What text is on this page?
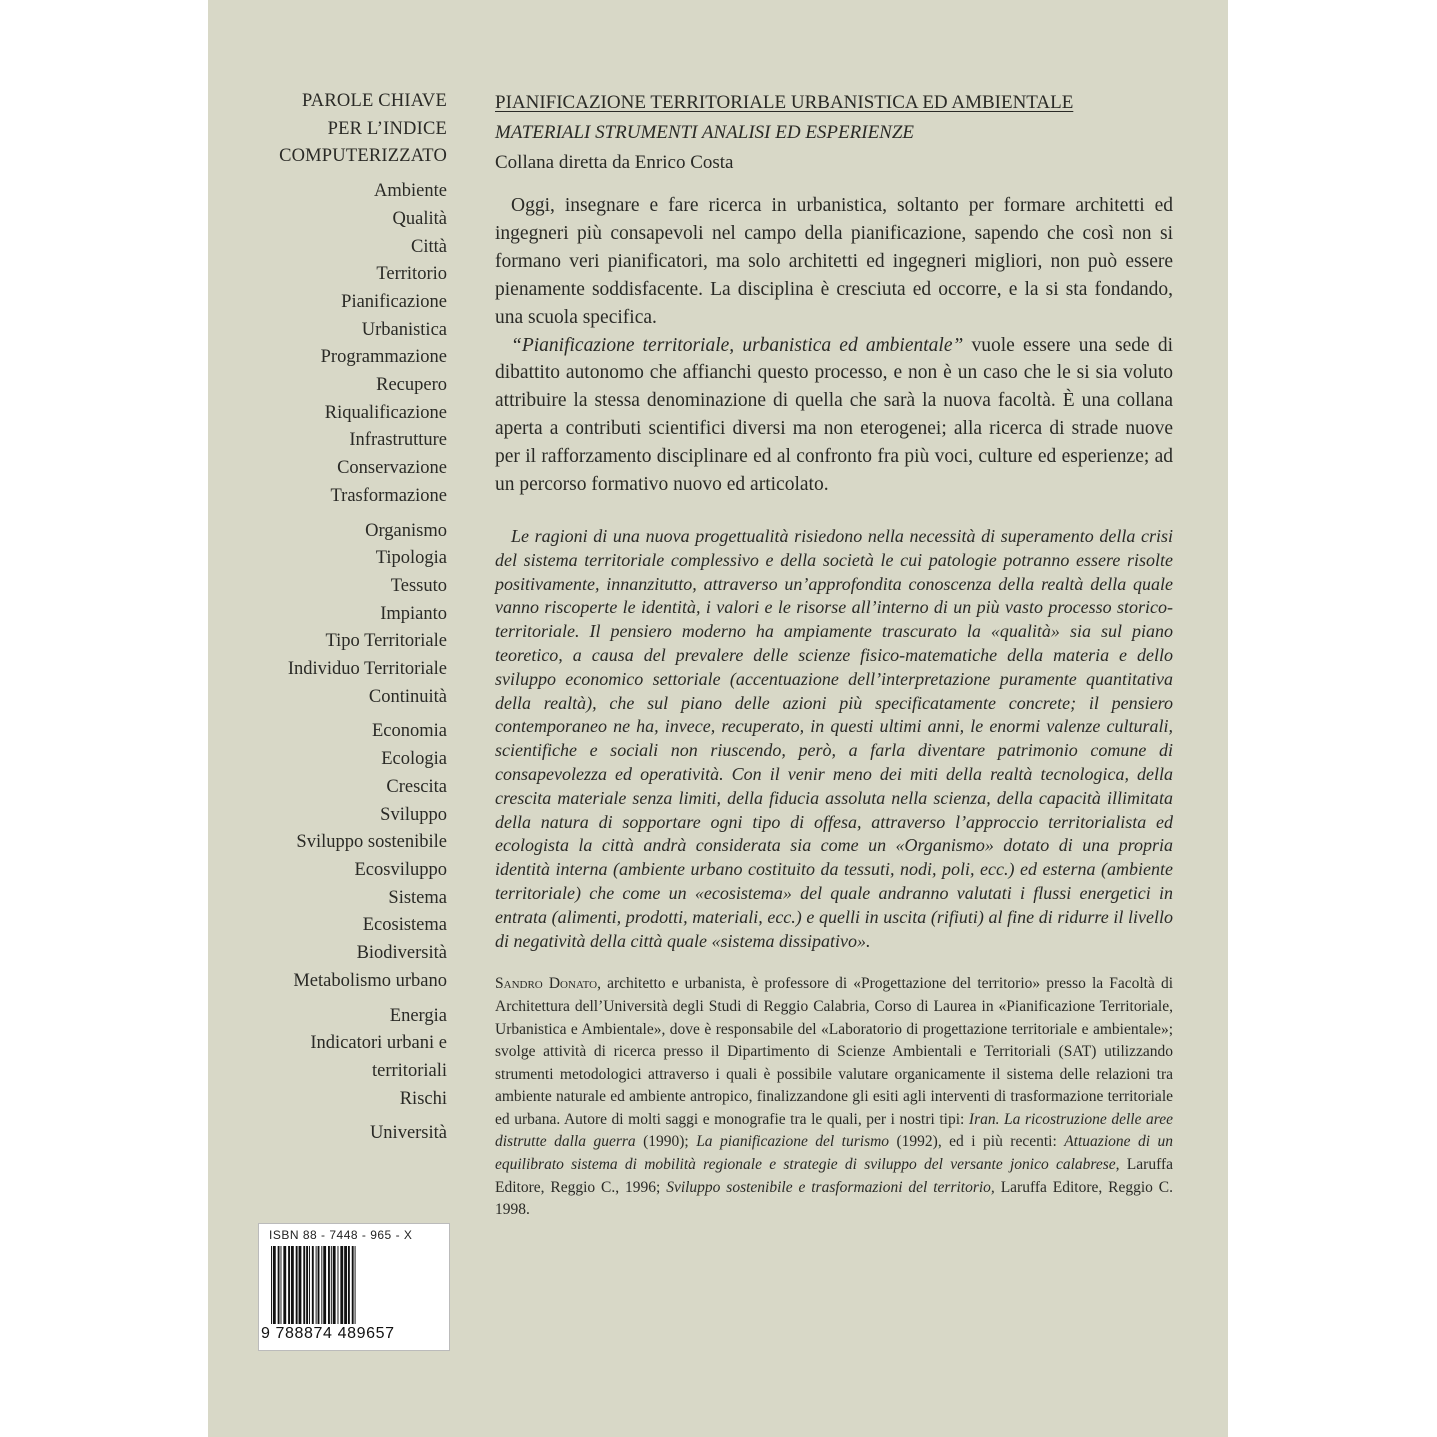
PAROLE CHIAVE
PER L’INDICE
COMPUTERIZZATO
Ambiente
Qualità
Città
Territorio
Pianificazione
Urbanistica
Programmazione
Recupero
Riqualificazione
Infrastrutture
Conservazione
Trasformazione
Organismo
Tipologia
Tessuto
Impianto
Tipo Territoriale
Individuo Territoriale
Continuità
Economia
Ecologia
Crescita
Sviluppo
Sviluppo sostenibile
Ecosviluppo
Sistema
Ecosistema
Biodiversità
Metabolismo urbano
Energia
Indicatori urbani e
territoriali
Rischi
Università
PIANIFICAZIONE TERRITORIALE URBANISTICA ED AMBIENTALE
MATERIALI STRUMENTI ANALISI ED ESPERIENZE
Collana diretta da Enrico Costa

Oggi, insegnare e fare ricerca in urbanistica, soltanto per formare architetti ed ingegneri più consapevoli nel campo della pianificazione, sapendo che così non si formano veri pianificatori, ma solo architetti ed ingegneri migliori, non può essere pienamente soddisfacente. La disciplina è cresciuta ed occorre, e la si sta fondando, una scuola specifica.

“Pianificazione territoriale, urbanistica ed ambientale” vuole essere una sede di dibattito autonomo che affianchi questo processo, e non è un caso che le si sia voluto attribuire la stessa denominazione di quella che sarà la nuova facoltà. È una collana aperta a contributi scientifici diversi ma non eterogenei; alla ricerca di strade nuove per il rafforzamento disciplinare ed al confronto fra più voci, culture ed esperienze; ad un percorso formativo nuovo ed articolato.

Le ragioni di una nuova progettualità risiedono nella necessità di superamento della crisi del sistema territoriale complessivo e della società le cui patologie potranno essere risolte positivamente, innanzitutto, attraverso un’approfondita conoscenza della realtà della quale vanno riscoperte le identità, i valori e le risorse all’interno di un più vasto processo storico-territoriale. Il pensiero moderno ha ampiamente trascurato la «qualità» sia sul piano teoretico, a causa del prevalere delle scienze fisico-matematiche della materia e dello sviluppo economico settoriale (accentuazione dell’interpretazione puramente quantitativa della realtà), che sul piano delle azioni più specificatamente concrete; il pensiero contemporaneo ne ha, invece, recuperato, in questi ultimi anni, le enormi valenze culturali, scientifiche e sociali non riuscendo, però, a farla diventare patrimonio comune di consapevolezza ed operatività. Con il venir meno dei miti della realtà tecnologica, della crescita materiale senza limiti, della fiducia assoluta nella scienza, della capacità illimitata della natura di sopportare ogni tipo di offesa, attraverso l’approccio territorialista ed ecologista la città andrà considerata sia come un «Organismo» dotato di una propria identità interna (ambiente urbano costituito da tessuti, nodi, poli, ecc.) ed esterna (ambiente territoriale) che come un «ecosistema» del quale andranno valutati i flussi energetici in entrata (alimenti, prodotti, materiali, ecc.) e quelli in uscita (rifiuti) al fine di ridurre il livello di negatività della città quale «sistema dissipativo».

Sandro Donato, architetto e urbanista, è professore di «Progettazione del territorio» presso la Facoltà di Architettura dell’Università degli Studi di Reggio Calabria, Corso di Laurea in «Pianificazione Territoriale, Urbanistica e Ambientale», dove è responsabile del «Laboratorio di progettazione territoriale e ambientale»; svolge attività di ricerca presso il Dipartimento di Scienze Ambientali e Territoriali (SAT) utilizzando strumenti metodologici attraverso i quali è possibile valutare organicamente il sistema delle relazioni tra ambiente naturale ed ambiente antropico, finalizzandone gli esiti agli interventi di trasformazione territoriale ed urbana. Autore di molti saggi e monografie tra le quali, per i nostri tipi: Iran. La ricostruzione delle aree distrutte dalla guerra (1990); La pianificazione del turismo (1992), ed i più recenti: Attuazione di un equilibrato sistema di mobilità regionale e strategie di sviluppo del versante jonico calabrese, Laruffa Editore, Reggio C., 1996; Sviluppo sostenibile e trasformazioni del territorio, Laruffa Editore, Reggio C. 1998.

ISBN 88 - 7448 - 965 - X
9 788874 489657
